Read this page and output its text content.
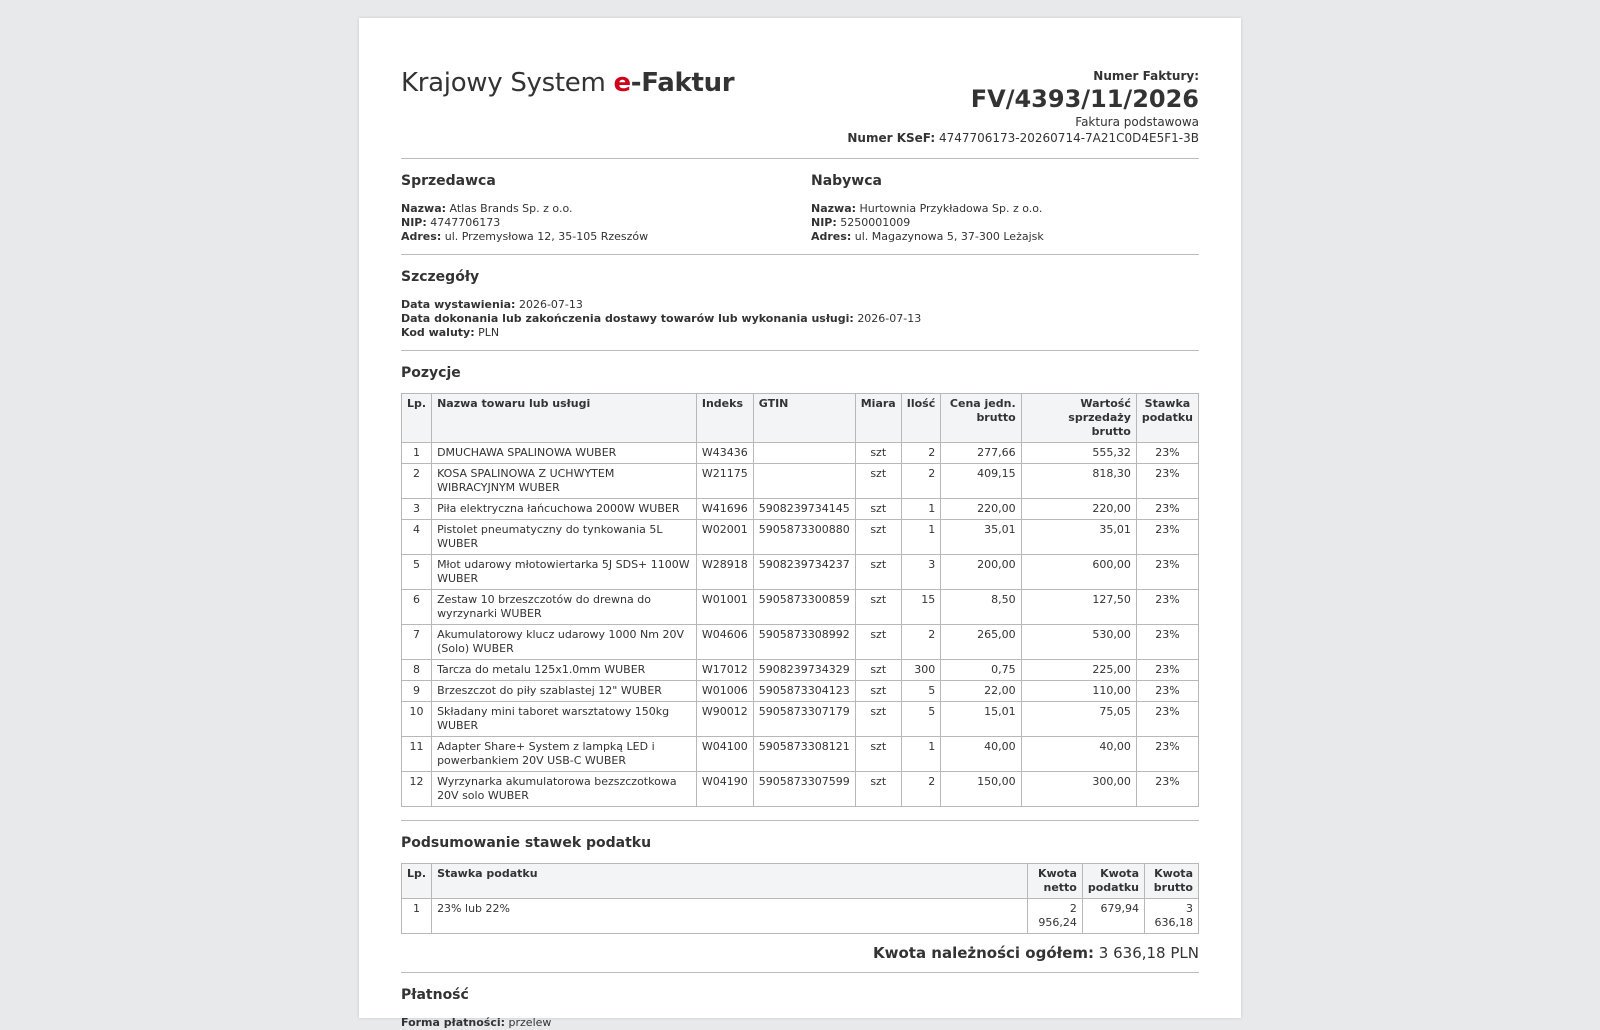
Krajowy System e-Faktur	Numer Faktury:
FV/4393/11/2026
Faktura podstawowa
Numer KSeF: 4747706173-20260714-7A21C0D4E5F1-3B
Sprzedawca
Nazwa: Atlas Brands Sp. z o.o.
NIP: 4747706173
Adres: ul. Przemysłowa 12, 35-105 Rzeszów
Nabywca
Nazwa: Hurtownia Przykładowa Sp. z o.o.
NIP: 5250001009
Adres: ul. Magazynowa 5, 37-300 Leżajsk
Szczegóły
Data wystawienia: 2026-07-13
Data dokonania lub zakończenia dostawy towarów lub wykonania usługi: 2026-07-13
Kod waluty: PLN
Pozycje
Lp.	Nazwa towaru lub usługi	Indeks	GTIN	Miara	Ilość	Cena jedn. brutto	Wartość sprzedaży brutto	Stawka podatku
1	DMUCHAWA SPALINOWA WUBER	W43436		szt	2	277,66	555,32	23%
2	KOSA SPALINOWA Z UCHWYTEM WIBRACYJNYM WUBER	W21175		szt	2	409,15	818,30	23%
3	Piła elektryczna łańcuchowa 2000W WUBER	W41696	5908239734145	szt	1	220,00	220,00	23%
4	Pistolet pneumatyczny do tynkowania 5L WUBER	W02001	5905873300880	szt	1	35,01	35,01	23%
5	Młot udarowy młotowiertarka 5J SDS+ 1100W WUBER	W28918	5908239734237	szt	3	200,00	600,00	23%
6	Zestaw 10 brzeszczotów do drewna do wyrzynarki WUBER	W01001	5905873300859	szt	15	8,50	127,50	23%
7	Akumulatorowy klucz udarowy 1000 Nm 20V (Solo) WUBER	W04606	5905873308992	szt	2	265,00	530,00	23%
8	Tarcza do metalu 125x1.0mm WUBER	W17012	5908239734329	szt	300	0,75	225,00	23%
9	Brzeszczot do piły szablastej 12" WUBER	W01006	5905873304123	szt	5	22,00	110,00	23%
10	Składany mini taboret warsztatowy 150kg WUBER	W90012	5905873307179	szt	5	15,01	75,05	23%
11	Adapter Share+ System z lampką LED i powerbankiem 20V USB-C WUBER	W04100	5905873308121	szt	1	40,00	40,00	23%
12	Wyrzynarka akumulatorowa bezszczotkowa 20V solo WUBER	W04190	5905873307599	szt	2	150,00	300,00	23%
Podsumowanie stawek podatku
Lp.	Stawka podatku	Kwota netto	Kwota podatku	Kwota brutto
1	23% lub 22%	2 956,24	679,94	3 636,18
Kwota należności ogółem: 3 636,18 PLN
Płatność
Forma płatności: przelew
